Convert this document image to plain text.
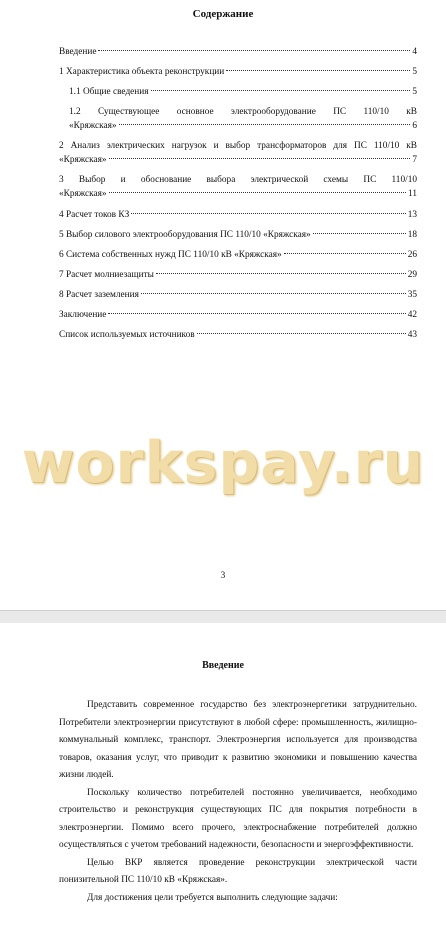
Содержание
Введение	4
1 Характеристика объекта реконструкции	5
1.1 Общие сведения	5
1.2 Существующее основное электрооборудование ПС 110/10 кВ
«Кряжская»	6
2 Анализ электрических нагрузок и выбор трансформаторов для ПС 110/10 кВ
«Кряжская»	7
3 Выбор и обоснование выбора электрической схемы ПС 110/10
«Кряжская»	11
4 Расчет токов КЗ	13
5 Выбор силового электрооборудования ПС 110/10 «Кряжская»	18
6 Система собственных нужд ПС 110/10 кВ «Кряжская»	26
7 Расчет молниезащиты	29
8 Расчет заземления	35
Заключение	42
Список используемых источников	43
workspay.ru
3
Введение

Представить современное государство без электроэнергетики затруднительно. Потребители электроэнергии присутствуют в любой сфере: промышленность, жилищно-коммунальный комплекс, транспорт. Электроэнергия используется для производства товаров, оказания услуг, что приводит к развитию экономики и повышению качества жизни людей.

Поскольку количество потребителей постоянно увеличивается, необходимо строительство и реконструкция существующих ПС для покрытия потребности в электроэнергии. Помимо всего прочего, электроснабжение потребителей должно осуществляться с учетом требований надежности, безопасности и энергоэффективности.

Целью ВКР является проведение реконструкции электрической части понизительной ПС 110/10 кВ «Кряжская».

Для достижения цели требуется выполнить следующие задачи:
